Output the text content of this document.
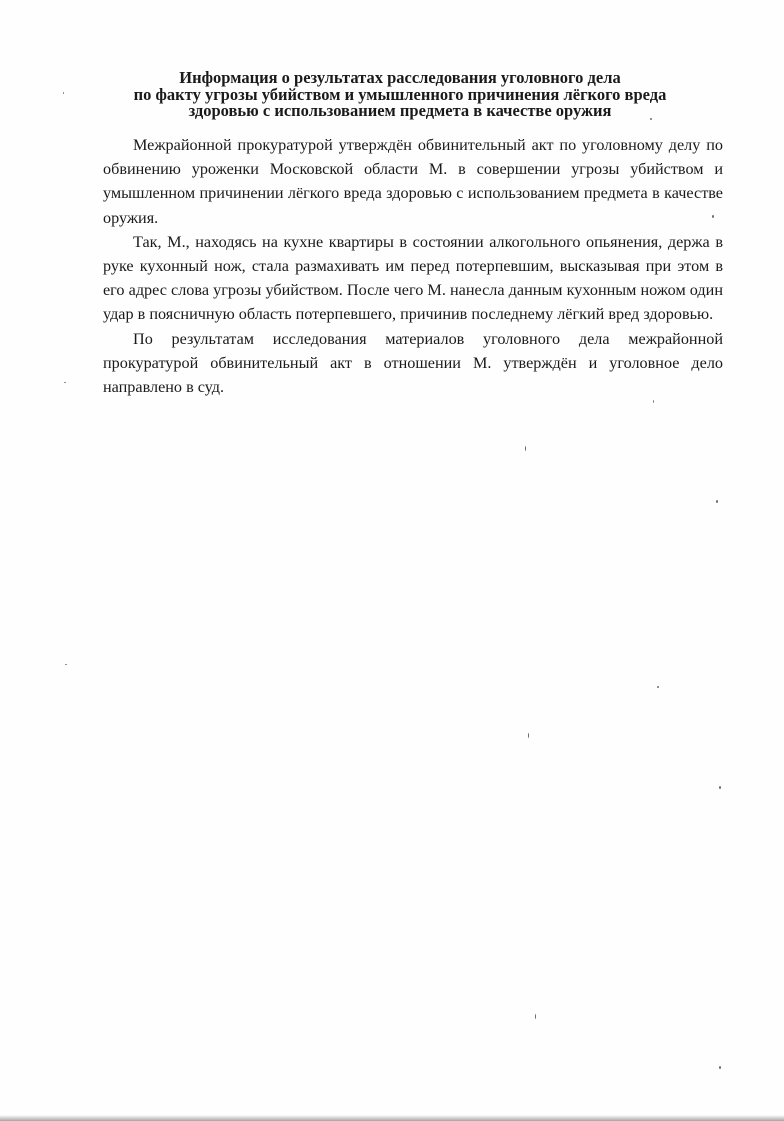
Информация о результатах расследования уголовного дела
по факту угрозы убийством и умышленного причинения лёгкого вреда
здоровью с использованием предмета в качестве оружия

Межрайонной прокуратурой утверждён обвинительный акт по уголовному делу по обвинению уроженки Московской области М. в совершении угрозы убийством и умышленном причинении лёгкого вреда здоровью с использованием предмета в качестве оружия.

Так, М., находясь на кухне квартиры в состоянии алкогольного опьянения, держа в руке кухонный нож, стала размахивать им перед потерпевшим, высказывая при этом в его адрес слова угрозы убийством. После чего М. нанесла данным кухонным ножом один удар в поясничную область потерпевшего, причинив последнему лёгкий вред здоровью.

По результатам исследования материалов уголовного дела межрайонной прокуратурой обвинительный акт в отношении М. утверждён и уголовное дело направлено в суд.
